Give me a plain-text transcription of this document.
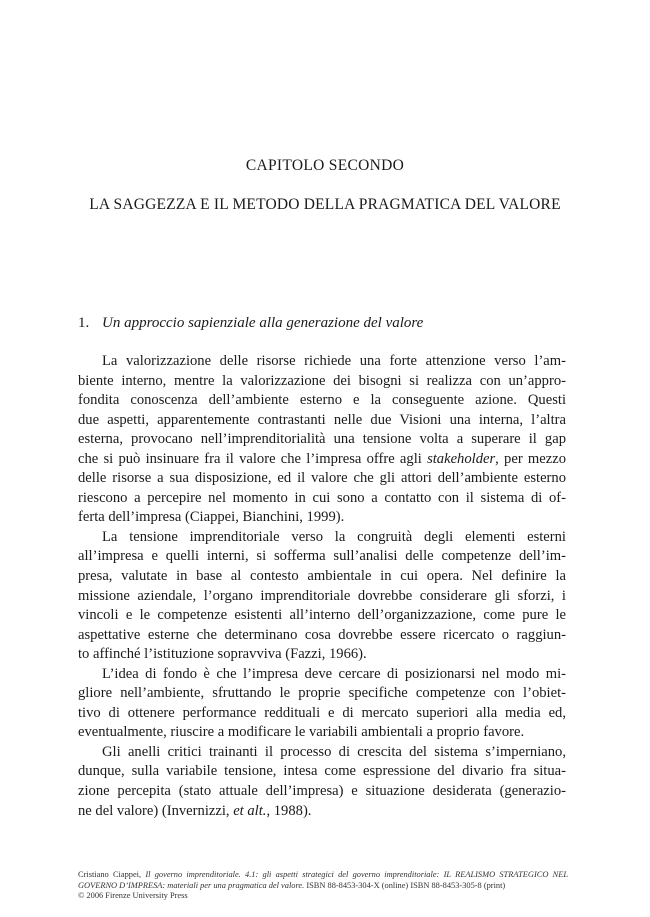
CAPITOLO SECONDO
LA SAGGEZZA E IL METODO DELLA PRAGMATICA DEL VALORE
1. Un approccio sapienziale alla generazione del valore
La valorizzazione delle risorse richiede una forte attenzione verso l’am-
biente interno, mentre la valorizzazione dei bisogni si realizza con un’appro-
fondita conoscenza dell’ambiente esterno e la conseguente azione. Questi
due aspetti, apparentemente contrastanti nelle due Visioni una interna, l’altra
esterna, provocano nell’imprenditorialità una tensione volta a superare il gap
che si può insinuare fra il valore che l’impresa offre agli stakeholder, per mezzo
delle risorse a sua disposizione, ed il valore che gli attori dell’ambiente esterno
riescono a percepire nel momento in cui sono a contatto con il sistema di of-
ferta dell’impresa (Ciappei, Bianchini, 1999).
La tensione imprenditoriale verso la congruità degli elementi esterni
all’impresa e quelli interni, si sofferma sull’analisi delle competenze dell’im-
presa, valutate in base al contesto ambientale in cui opera. Nel definire la
missione aziendale, l’organo imprenditoriale dovrebbe considerare gli sforzi, i
vincoli e le competenze esistenti all’interno dell’organizzazione, come pure le
aspettative esterne che determinano cosa dovrebbe essere ricercato o raggiun-
to affinché l’istituzione sopravviva (Fazzi, 1966).
L’idea di fondo è che l’impresa deve cercare di posizionarsi nel modo mi-
gliore nell’ambiente, sfruttando le proprie specifiche competenze con l’obiet-
tivo di ottenere performance reddituali e di mercato superiori alla media ed,
eventualmente, riuscire a modificare le variabili ambientali a proprio favore.
Gli anelli critici trainanti il processo di crescita del sistema s’imperniano,
dunque, sulla variabile tensione, intesa come espressione del divario fra situa-
zione percepita (stato attuale dell’impresa) e situazione desiderata (generazio-
ne del valore) (Invernizzi, et alt., 1988).
Cristiano Ciappei, Il governo imprenditoriale. 4.1: gli aspetti strategici del governo imprenditoriale: IL REALISMO STRATEGICO NEL
GOVERNO D’IMPRESA: materiali per una pragmatica del valore. ISBN 88-8453-304-X (online) ISBN 88-8453-305-8 (print)
© 2006 Firenze University Press
